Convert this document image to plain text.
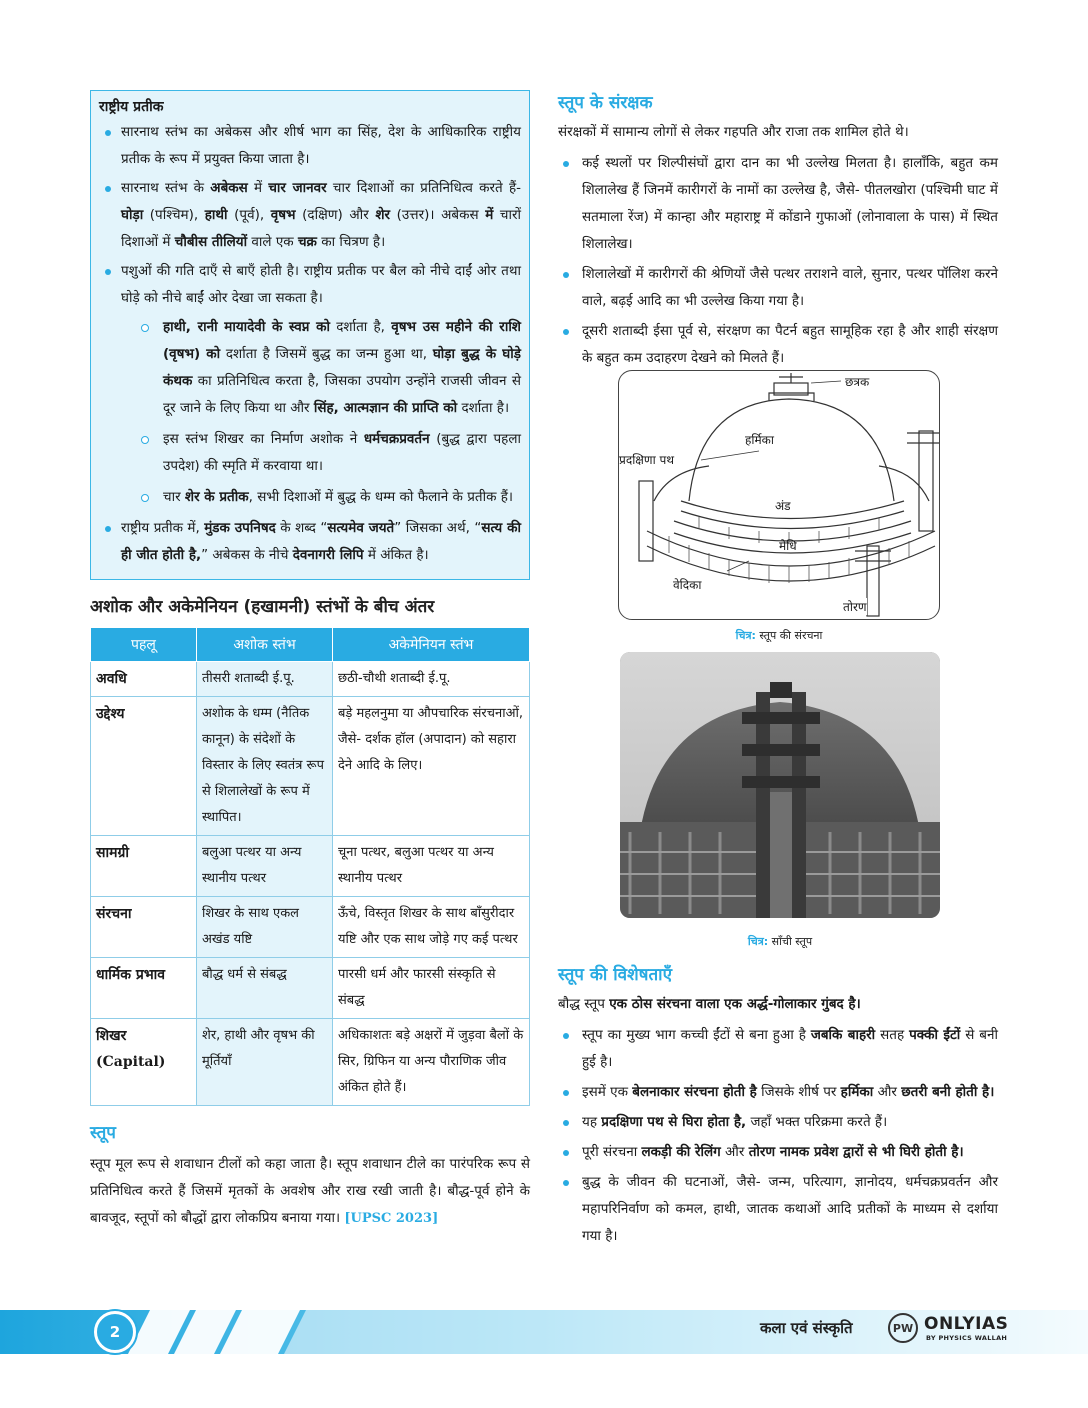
राष्ट्रीय प्रतीक
सारनाथ स्तंभ का अबेकस और शीर्ष भाग का सिंह, देश के आधिकारिक राष्ट्रीय प्रतीक के रूप में प्रयुक्त किया जाता है।
सारनाथ स्तंभ के अबेकस में चार जानवर चार दिशाओं का प्रतिनिधित्व करते हैं- घोड़ा (पश्चिम), हाथी (पूर्व), वृषभ (दक्षिण) और शेर (उत्तर)। अबेकस में चारों दिशाओं में चौबीस तीलियों वाले एक चक्र का चित्रण है।
पशुओं की गति दाएँ से बाएँ होती है। राष्ट्रीय प्रतीक पर बैल को नीचे दाईं ओर तथा घोड़े को नीचे बाईं ओर देखा जा सकता है।
हाथी, रानी मायादेवी के स्वप्न को दर्शाता है, वृषभ उस महीने की राशि (वृषभ) को दर्शाता है जिसमें बुद्ध का जन्म हुआ था, घोड़ा बुद्ध के घोड़े कंथक का प्रतिनिधित्व करता है, जिसका उपयोग उन्होंने राजसी जीवन से दूर जाने के लिए किया था और सिंह, आत्मज्ञान की प्राप्ति को दर्शाता है।
इस स्तंभ शिखर का निर्माण अशोक ने धर्मचक्रप्रवर्तन (बुद्ध द्वारा पहला उपदेश) की स्मृति में करवाया था।
चार शेर के प्रतीक, सभी दिशाओं में बुद्ध के धम्म को फैलाने के प्रतीक हैं।
राष्ट्रीय प्रतीक में, मुंडक उपनिषद के शब्द “सत्यमेव जयते” जिसका अर्थ, “सत्य की ही जीत होती है,” अबेकस के नीचे देवनागरी लिपि में अंकित है।
अशोक और अकेमेनियन (हखामनी) स्तंभों के बीच अंतर
पहलू	अशोक स्तंभ	अकेमेनियन स्तंभ
अवधि	तीसरी शताब्दी ई.पू.	छठी-चौथी शताब्दी ई.पू.
उद्देश्य	अशोक के धम्म (नैतिक कानून) के संदेशों के विस्तार के लिए स्वतंत्र रूप से शिलालेखों के रूप में स्थापित।	बड़े महलनुमा या औपचारिक संरचनाओं, जैसे- दर्शक हॉल (अपादान) को सहारा देने आदि के लिए।
सामग्री	बलुआ पत्थर या अन्य स्थानीय पत्थर	चूना पत्थर, बलुआ पत्थर या अन्य स्थानीय पत्थर
संरचना	शिखर के साथ एकल अखंड यष्टि	ऊँचे, विस्तृत शिखर के साथ बाँसुरीदार यष्टि और एक साथ जोड़े गए कई पत्थर
धार्मिक प्रभाव	बौद्ध धर्म से संबद्ध	पारसी धर्म और फारसी संस्कृति से संबद्ध

शिखर
(Capital)	शेर, हाथी और वृषभ की मूर्तियाँ	अधिकाशतः बड़े अक्षरों में जुड़वा बैलों के सिर, ग्रिफिन या अन्य पौराणिक जीव अंकित होते हैं।
स्तूप
स्तूप मूल रूप से शवाधान टीलों को कहा जाता है। स्तूप शवाधान टीले का पारंपरिक रूप से प्रतिनिधित्व करते हैं जिसमें मृतकों के अवशेष और राख रखी जाती है। बौद्ध-पूर्व होने के बावजूद, स्तूपों को बौद्धों द्वारा लोकप्रिय बनाया गया। [UPSC 2023]
स्तूप के संरक्षक
संरक्षकों में सामान्य लोगों से लेकर गहपति और राजा तक शामिल होते थे।
कई स्थलों पर शिल्पीसंघों द्वारा दान का भी उल्लेख मिलता है। हालाँकि, बहुत कम शिलालेख हैं जिनमें कारीगरों के नामों का उल्लेख है, जैसे- पीतलखोरा (पश्चिमी घाट में सतमाला रेंज) में कान्हा और महाराष्ट्र में कोंडाने गुफाओं (लोनावाला के पास) में स्थित शिलालेख।
शिलालेखों में कारीगरों की श्रेणियों जैसे पत्थर तराशने वाले, सुनार, पत्थर पॉलिश करने वाले, बढ़ई आदि का भी उल्लेख किया गया है।
दूसरी शताब्दी ईसा पूर्व से, संरक्षण का पैटर्न बहुत सामूहिक रहा है और शाही संरक्षण के बहुत कम उदाहरण देखने को मिलते हैं।
छत्रक
हर्मिका
प्रदक्षिणा पथ
अंड
मेधि
वेदिका
तोरण
चित्र: स्तूप की संरचना
चित्र: साँची स्तूप
स्तूप की विशेषताएँ
बौद्ध स्तूप एक ठोस संरचना वाला एक अर्द्ध-गोलाकार गुंबद है।
स्तूप का मुख्य भाग कच्ची ईंटों से बना हुआ है जबकि बाहरी सतह पक्की ईंटों से बनी हुई है।
इसमें एक बेलनाकार संरचना होती है जिसके शीर्ष पर हर्मिका और छतरी बनी होती है।
यह प्रदक्षिणा पथ से घिरा होता है, जहाँ भक्त परिक्रमा करते हैं।
पूरी संरचना लकड़ी की रेलिंग और तोरण नामक प्रवेश द्वारों से भी घिरी होती है।
बुद्ध के जीवन की घटनाओं, जैसे- जन्म, परित्याग, ज्ञानोदय, धर्मचक्रप्रवर्तन और महापरिनिर्वाण को कमल, हाथी, जातक कथाओं आदि प्रतीकों के माध्यम से दर्शाया गया है।
2	कला एवं संस्कृति	PW ONLYIAS
BY PHYSICS WALLAH
